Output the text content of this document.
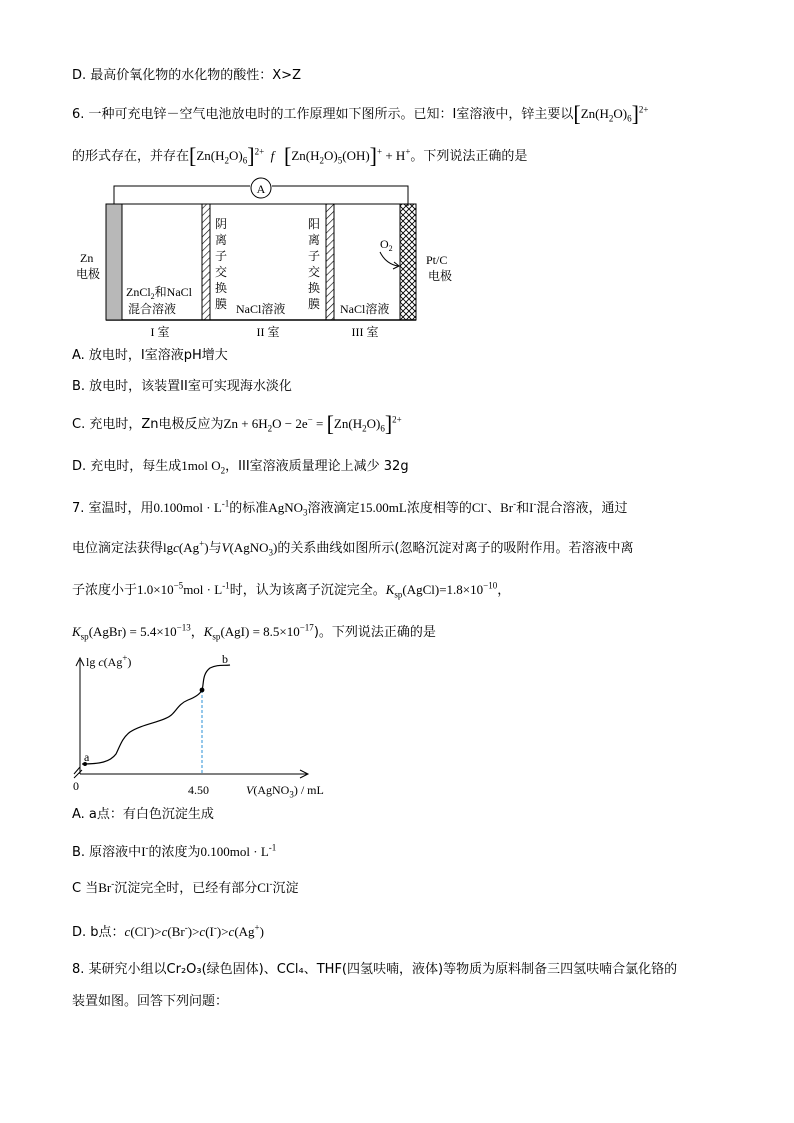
D. 最高价氧化物的水化物的酸性：X>Z
6. 一种可充电锌－空气电池放电时的工作原理如下图所示。已知：I室溶液中，锌主要以$[Zn(H_2O)_6]^{2+}$
的形式存在，并存在$[Zn(H_2O)_6]^{2+}$ f $[Zn(H_2O)_5(OH)]^+ + H^+$。下列说法正确的是
A
阴
离
子
交
换
膜
阳
离
子
交
换
膜
ZnCl$_2$和NaCl
混合溶液	NaCl溶液	NaCl溶液
$O_2$
I 室	II 室	III 室
Zn
电极
Pt/C
电极
A. 放电时，I室溶液pH增大
B. 放电时，该装置II室可实现海水淡化
C. 充电时，Zn电极反应为$Zn + 6H_2O - 2e^- = [Zn(H_2O)_6]^{2+}$
D. 充电时，每生成1mol $O_2$，III室溶液质量理论上减少 32g
7. 室温时，用$0.100mol \cdot L^{-1}$的标准AgNO$_3$溶液滴定15.00mL浓度相等的Cl-、Br-和I-混合溶液，通过
电位滴定法获得lgc(Ag+)与V(AgNO$_3$)的关系曲线如图所示(忽略沉淀对离子的吸附作用。若溶液中离
子浓度小于$1.0\times 10^{-5}mol \cdot L^{-1}$时，认为该离子沉淀完全。$K_{sp}(AgCl)=1.8\times 10^{-10}$，
$K_{sp}(AgBr) = 5.4\times 10^{-13}$，$K_{sp}(AgI) = 8.5\times 10^{-17}$)。下列说法正确的是
a
b
0	4.50
lg c(Ag+)
V(AgNO$_3$) / mL
A. a点：有白色沉淀生成
B. 原溶液中I-的浓度为$0.100mol \cdot L^{-1}$
C 当Br-沉淀完全时，已经有部分Cl-沉淀
D. b点：c(Cl-)>c(Br-)>c(I-)>c(Ag+)
8. 某研究小组以Cr₂O₃(绿色固体)、CCl₄、THF(四氢呋喃，液体)等物质为原料制备三四氢呋喃合氯化铬的
装置如图。回答下列问题：
